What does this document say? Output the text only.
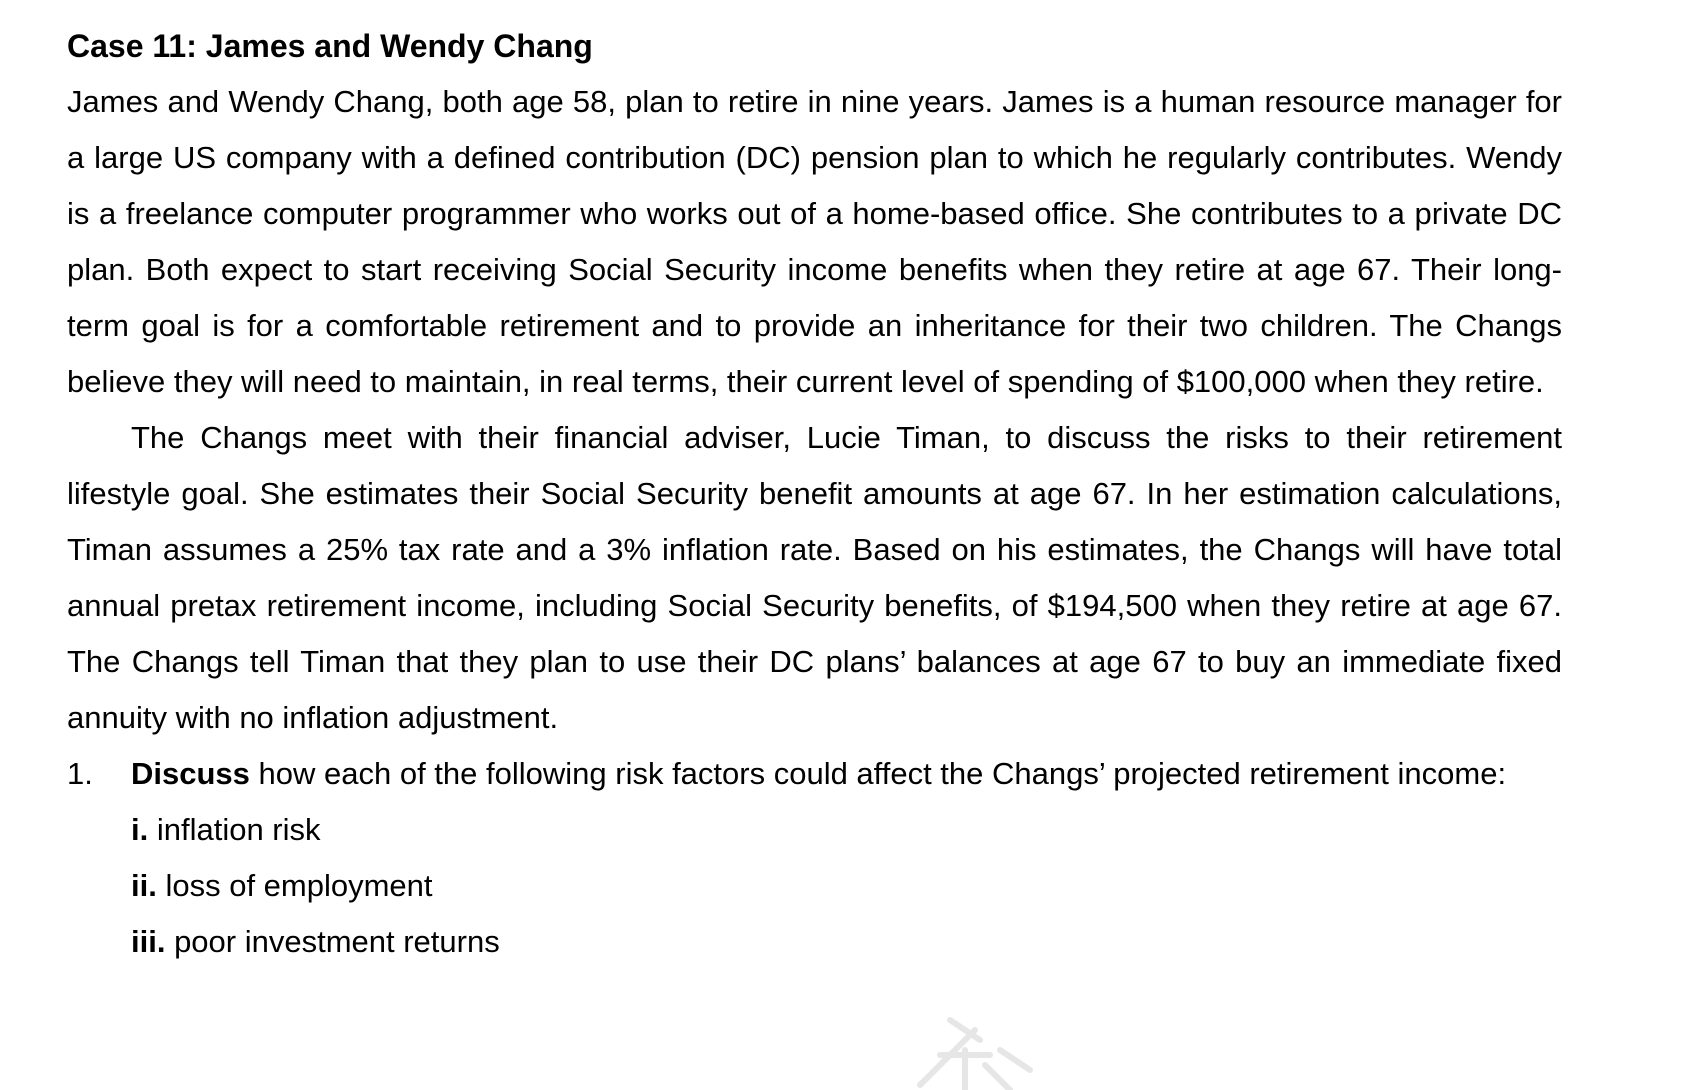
Case 11: James and Wendy Chang

James and Wendy Chang, both age 58, plan to retire in nine years. James is a human resource manager for a large US company with a defined contribution (DC) pension plan to which he regularly contributes. Wendy is a freelance computer programmer who works out of a home-based office. She contributes to a private DC plan. Both expect to start receiving Social Security income benefits when they retire at age 67. Their long-term goal is for a comfortable retirement and to provide an inheritance for their two children. The Changs believe they will need to maintain, in real terms, their current level of spending of $100,000 when they retire.

The Changs meet with their financial adviser, Lucie Timan, to discuss the risks to their retirement lifestyle goal. She estimates their Social Security benefit amounts at age 67. In her estimation calculations, Timan assumes a 25% tax rate and a 3% inflation rate. Based on his estimates, the Changs will have total annual pretax retirement income, including Social Security benefits, of $194,500 when they retire at age 67. The Changs tell Timan that they plan to use their DC plans’ balances at age 67 to buy an immediate fixed annuity with no inflation adjustment.

1.	Discuss how each of the following risk factors could affect the Changs’ projected retirement income:

i. inflation risk
ii. loss of employment
iii. poor investment returns
